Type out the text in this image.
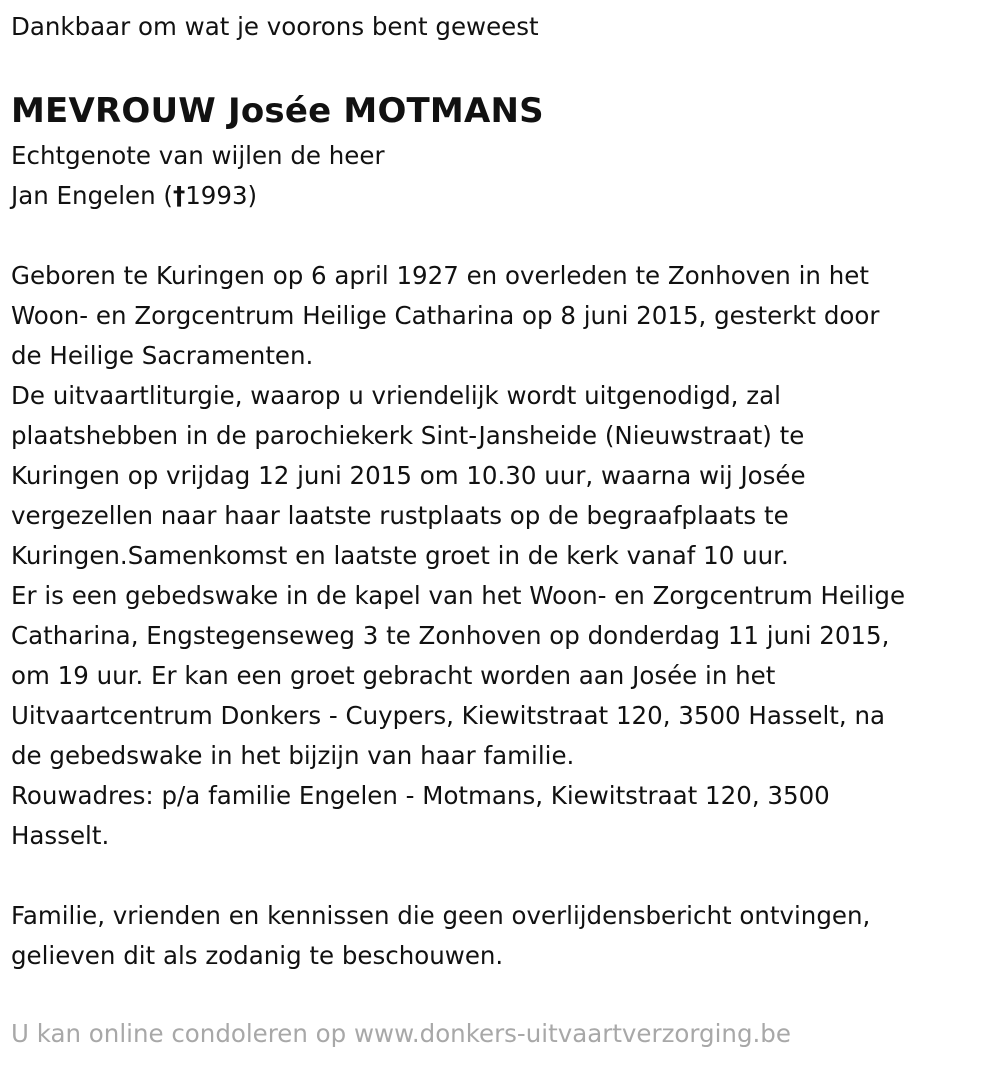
Dankbaar om wat je voorons bent geweest

MEVROUW Josée MOTMANS

Echtgenote van wijlen de heer

Jan Engelen (†1993)

Geboren te Kuringen op 6 april 1927 en overleden te Zonhoven in het

Woon- en Zorgcentrum Heilige Catharina op 8 juni 2015, gesterkt door

de Heilige Sacramenten.

De uitvaartliturgie, waarop u vriendelijk wordt uitgenodigd, zal

plaatshebben in de parochiekerk Sint-Jansheide (Nieuwstraat) te

Kuringen op vrijdag 12 juni 2015 om 10.30 uur, waarna wij Josée

vergezellen naar haar laatste rustplaats op de begraafplaats te

Kuringen.Samenkomst en laatste groet in de kerk vanaf 10 uur.

Er is een gebedswake in de kapel van het Woon- en Zorgcentrum Heilige

Catharina, Engstegenseweg 3 te Zonhoven op donderdag 11 juni 2015,

om 19 uur. Er kan een groet gebracht worden aan Josée in het

Uitvaartcentrum Donkers - Cuypers, Kiewitstraat 120, 3500 Hasselt, na

de gebedswake in het bijzijn van haar familie.

Rouwadres: p/a familie Engelen - Motmans, Kiewitstraat 120, 3500

Hasselt.

Familie, vrienden en kennissen die geen overlijdensbericht ontvingen,

gelieven dit als zodanig te beschouwen.

U kan online condoleren op www.donkers-uitvaartverzorging.be
